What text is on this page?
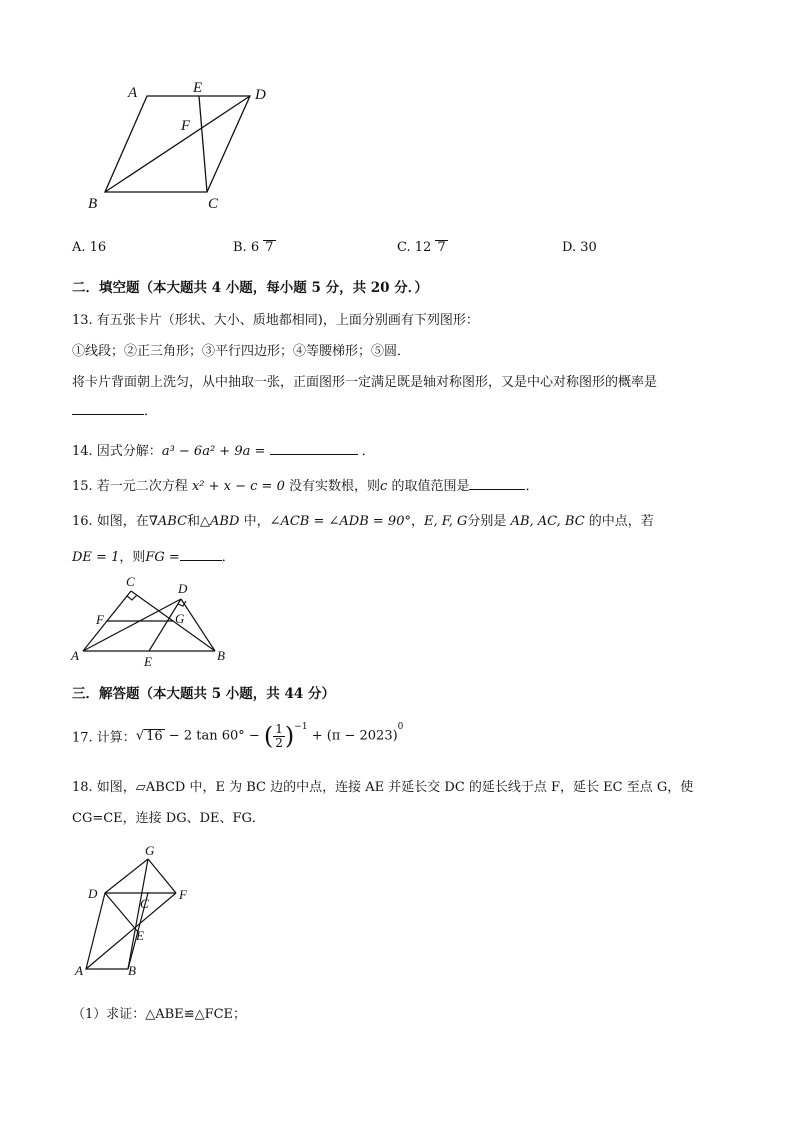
A	E	D
F
B	C
A. 16	B. 6 7	C. 12 7	D. 30
二．填空题（本大题共 4 小题，每小题 5 分，共 20 分．）
13. 有五张卡片（形状、大小、质地都相同)，上面分别画有下列图形：
①线段；②正三角形；③平行四边形；④等腰梯形；⑤圆．
将卡片背面朝上洗匀，从中抽取一张，正面图形一定满足既是轴对称图形，又是中心对称图形的概率是
．
14. 因式分解：a³ − 6a² + 9a =	．
15. 若一元二次方程 x² + x − c = 0 没有实数根，则c 的取值范围是	．
16. 如图，在∇ABC和△ABD 中，∠ACB = ∠ADB = 90°，E, F, G分别是 AB, AC, BC 的中点，若
DE = 1，则FG =	．
C	D
F	G
A	E	B
三．解答题（本大题共 5 小题，共 44 分）
17. 计算：√ 16 − 2 tan 60° − ( $\frac{1}{2} )^{-1} + (\pi - 2023)^0$
18. 如图，▱ABCD 中，E 为 BC 边的中点，连接 AE 并延长交 DC 的延长线于点 F，延长 EC 至点 G，使
CG=CE，连接 DG、DE、FG．
G
D	F
C
E
A	B
（1）求证：△ABE≌△FCE；
